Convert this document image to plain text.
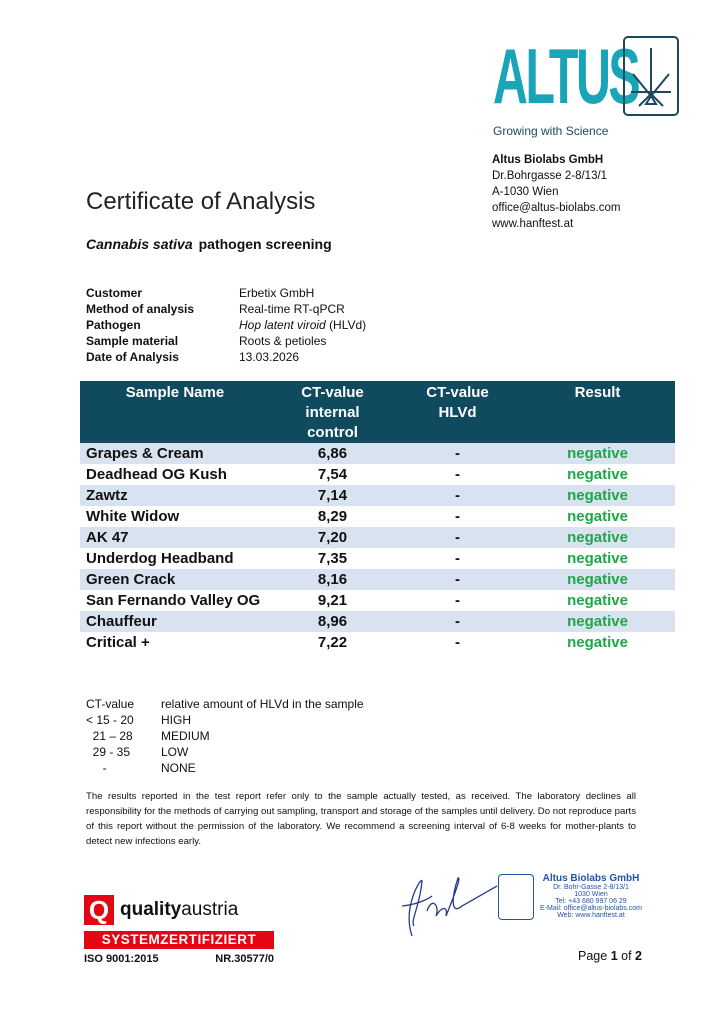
ALTUS
Growing with Science
Altus Biolabs GmbH
Dr.Bohrgasse 2-8/13/1
A-1030 Wien
office@altus-biolabs.com
www.hanftest.at
Certificate of Analysis
Cannabis sativa pathogen screening
Customer	Erbetix GmbH
Method of analysis	Real-time RT-qPCR
Pathogen	Hop latent viroid
(HLVd)
Sample material	Roots & petioles
Date of Analysis	13.03.2026
Sample Name	CT-value internal control	CT-value HLVd	Result
Grapes & Cream	6,86	-	negative
Deadhead OG Kush	7,54	-	negative
Zawtz	7,14	-	negative
White Widow	8,29	-	negative
AK 47	7,20	-	negative
Underdog Headband	7,35	-	negative
Green Crack	8,16	-	negative
San Fernando Valley OG	9,21	-	negative
Chauffeur	8,96	-	negative
Critical +	7,22	-	negative
CT-value	relative amount of HLVd in the sample
< 15 - 20	HIGH
21 – 28	MEDIUM
29 - 35	LOW
-	NONE
The results reported in the test report refer only to the sample actually tested, as received. The laboratory declines all responsibility for the methods of carrying out sampling, transport and storage of the samples until delivery. Do not reproduce parts of this report without the permission of the laboratory. We recommend a screening interval of 6-8 weeks for mother-plants to detect new infections early.
Q qualityaustria
SYSTEMZERTIFIZIERT
ISO 9001:2015	NR.30577/0
Altus Biolabs GmbH
Dr. Bohr-Gasse 2-8/13/1
1030 Wien
Tel: +43 680 997 06 29
E-Mail: office@altus-biolabs.com
Web: www.hanftest.at
Page 1 of 2
